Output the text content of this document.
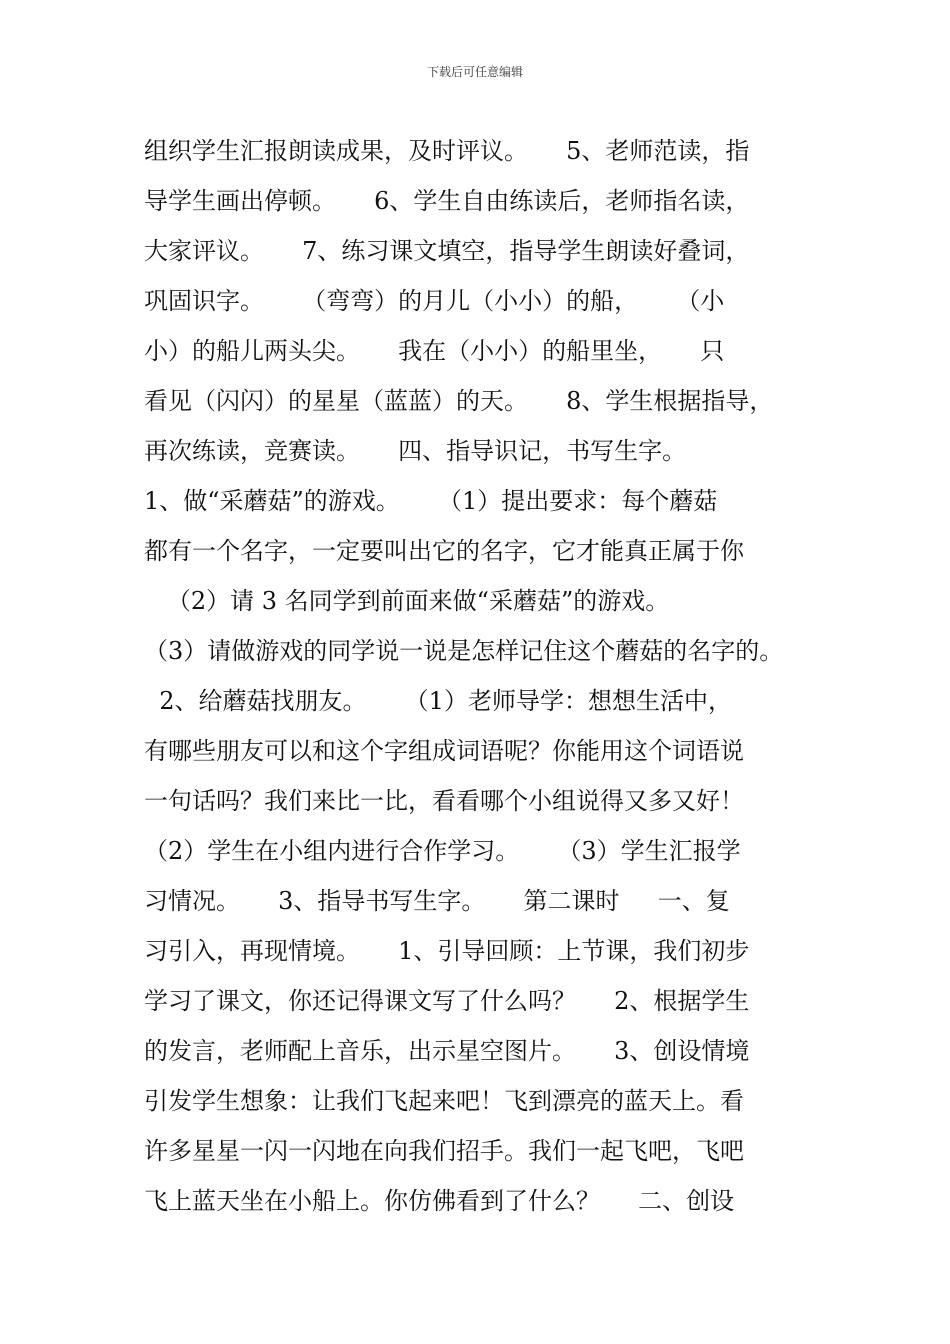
下载后可任意编辑
组织学生汇报朗读成果，及时评议。     5、老师范读，指
导学生画出停顿。     6、学生自由练读后，老师指名读，
大家评议。     7、练习课文填空，指导学生朗读好叠词，
巩固识字。     （弯弯）的月儿（小小）的船，     （小
小）的船儿两头尖。     我在（小小）的船里坐，     只
看见（闪闪）的星星（蓝蓝）的天。     8、学生根据指导，
再次练读，竞赛读。     四、指导识记，书写生字。
1、做“采蘑菇”的游戏。     （1）提出要求：每个蘑菇
都有一个名字，一定要叫出它的名字，它才能真正属于你
（2）请 3 名同学到前面来做“采蘑菇”的游戏。
（3）请做游戏的同学说一说是怎样记住这个蘑菇的名字的。
2、给蘑菇找朋友。     （1）老师导学：想想生活中，
有哪些朋友可以和这个字组成词语呢？你能用这个词语说
一句话吗？我们来比一比，看看哪个小组说得又多又好！
（2）学生在小组内进行合作学习。     （3）学生汇报学
习情况。     3、指导书写生字。     第二课时     一、复
习引入，再现情境。     1、引导回顾：上节课，我们初步
学习了课文，你还记得课文写了什么吗？     2、根据学生
的发言，老师配上音乐，出示星空图片。     3、创设情境
引发学生想象：让我们飞起来吧！飞到漂亮的蓝天上。看
许多星星一闪一闪地在向我们招手。我们一起飞吧，飞吧
飞上蓝天坐在小船上。你仿佛看到了什么？     二、创设
